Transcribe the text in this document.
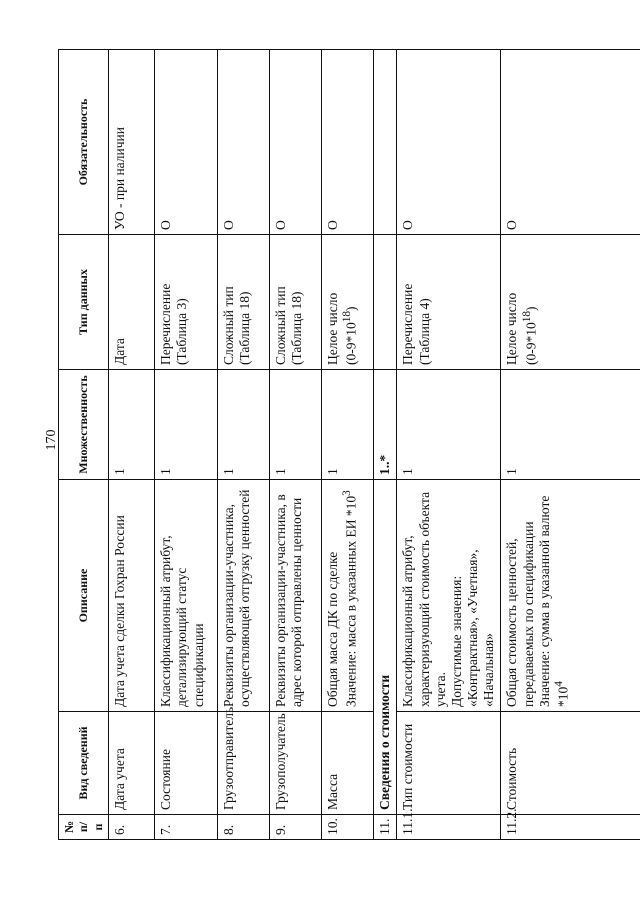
170
№ п/п	Вид сведений	Описание	Множественность	Тип данных	Обязательность
6.	Дата учета	Дата учета сделки Гохран России	1	Дата	УО - при наличии
7.	Состояние	Классификационный атрибут, детализирующий статус спецификации	1	Перечисление (Таблица 3)	О
8.	Грузоотправитель	Реквизиты организации-участника, осуществляющей отгрузку ценностей	1	Сложный тип (Таблица 18)	О
9.	Грузополучатель	Реквизиты организации-участника, в адрес которой отправлены ценности	1	Сложный тип (Таблица 18)	О
10.	Масса	Общая масса ДК по сделке Значение: масса в указанных ЕИ $*10^3$	1	Целое число $(0-9*10^{18})$	О
11.	Сведения о стоимости		1..*		
11.1.	Тип стоимости	Классификационный атрибут, характеризующий стоимость объекта учета. Допустимые значения: «Контрактная», «Учетная», «Начальная»	1	Перечисление (Таблица 4)	О
11.2.	Стоимость	Общая стоимость ценностей, передаваемых по спецификации Значение: сумма в указанной валюте $*10^4$	1	Целое число $(0-9*10^{18})$	О
